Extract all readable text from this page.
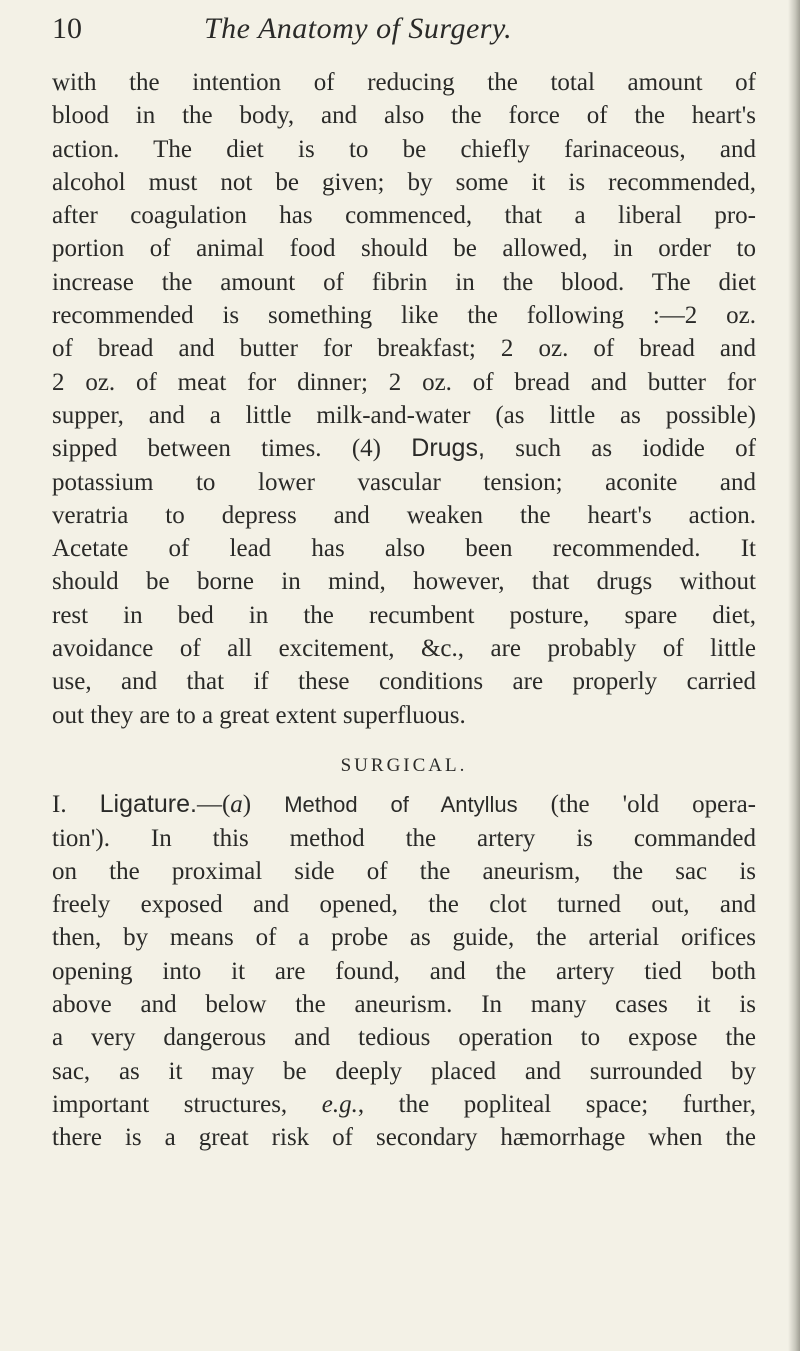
10	The Anatomy of Surgery.
with the intention of reducing the total amount of
blood in the body, and also the force of the heart's
action. The diet is to be chiefly farinaceous, and
alcohol must not be given; by some it is recommended,
after coagulation has commenced, that a liberal pro-
portion of animal food should be allowed, in order to
increase the amount of fibrin in the blood. The diet
recommended is something like the following :—2 oz.
of bread and butter for breakfast; 2 oz. of bread and
2 oz. of meat for dinner; 2 oz. of bread and butter for
supper, and a little milk-and-water (as little as possible)
sipped between times. (4) Drugs, such as iodide of
potassium to lower vascular tension; aconite and
veratria to depress and weaken the heart's action.
Acetate of lead has also been recommended. It
should be borne in mind, however, that drugs without
rest in bed in the recumbent posture, spare diet,
avoidance of all excitement, &c., are probably of little
use, and that if these conditions are properly carried
out they are to a great extent superfluous.
SURGICAL.
I. Ligature.—(a) Method of Antyllus (the 'old opera-
tion'). In this method the artery is commanded
on the proximal side of the aneurism, the sac is
freely exposed and opened, the clot turned out, and
then, by means of a probe as guide, the arterial orifices
opening into it are found, and the artery tied both
above and below the aneurism. In many cases it is
a very dangerous and tedious operation to expose the
sac, as it may be deeply placed and surrounded by
important structures, e.g., the popliteal space; further,
there is a great risk of secondary hæmorrhage when the
